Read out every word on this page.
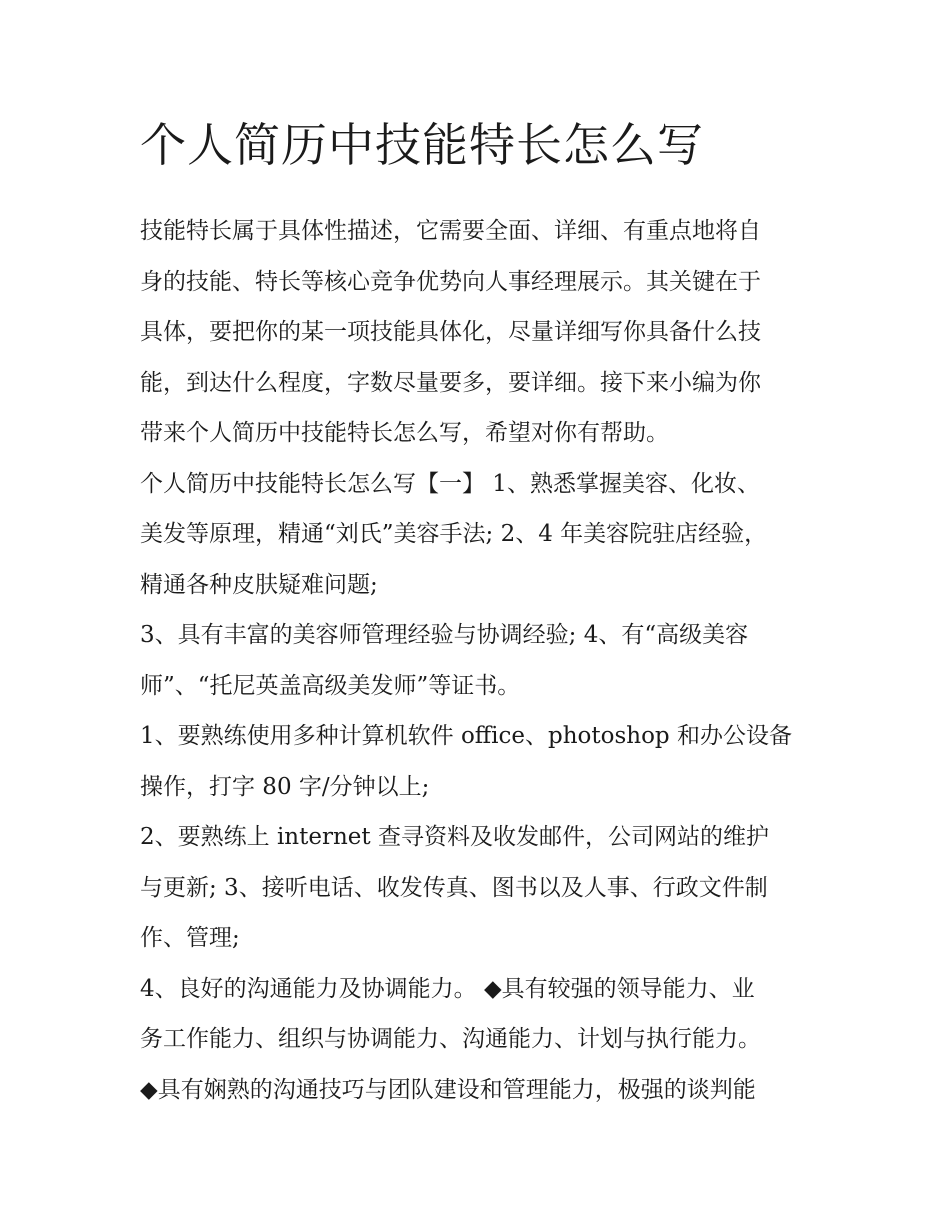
个人简历中技能特长怎么写

技能特长属于具体性描述，它需要全面、详细、有重点地将自
身的技能、特长等核心竞争优势向人事经理展示。其关键在于
具体，要把你的某一项技能具体化，尽量详细写你具备什么技
能，到达什么程度，字数尽量要多，要详细。接下来小编为你
带来个人简历中技能特长怎么写，希望对你有帮助。

个人简历中技能特长怎么写【一】 1、熟悉掌握美容、化妆、
美发等原理，精通“刘氏”美容手法; 2、4 年美容院驻店经验，
精通各种皮肤疑难问题;

3、具有丰富的美容师管理经验与协调经验; 4、有“高级美容
师”、“托尼英盖高级美发师”等证书。

1、要熟练使用多种计算机软件 office、photoshop 和办公设备
操作，打字 80 字/分钟以上;

2、要熟练上 internet 查寻资料及收发邮件，公司网站的维护
与更新; 3、接听电话、收发传真、图书以及人事、行政文件制
作、管理;

4、良好的沟通能力及协调能力。 ◆具有较强的领导能力、业
务工作能力、组织与协调能力、沟通能力、计划与执行能力。
◆具有娴熟的沟通技巧与团队建设和管理能力，极强的谈判能
